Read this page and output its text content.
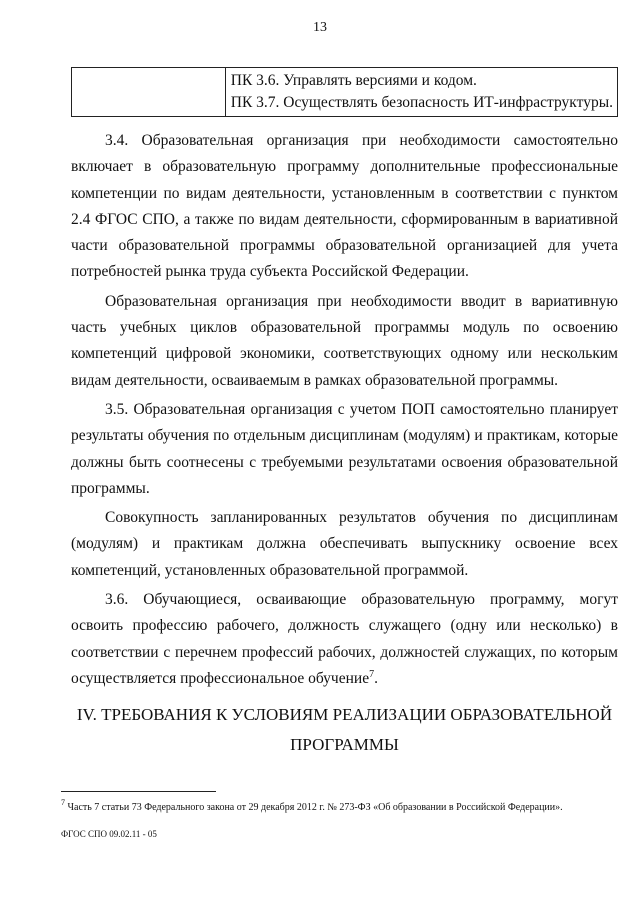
13

ПК 3.6. Управлять версиями и кодом.
ПК 3.7. Осуществлять безопасность ИТ-инфраструктуры.

3.4. Образовательная организация при необходимости самостоятельно включает в образовательную программу дополнительные профессиональные компетенции по видам деятельности, установленным в соответствии с пунктом 2.4 ФГОС СПО, а также по видам деятельности, сформированным в вариативной части образовательной программы образовательной организацией для учета потребностей рынка труда субъекта Российской Федерации.

Образовательная организация при необходимости вводит в вариативную часть учебных циклов образовательной программы модуль по освоению компетенций цифровой экономики, соответствующих одному или нескольким видам деятельности, осваиваемым в рамках образовательной программы.

3.5. Образовательная организация с учетом ПОП самостоятельно планирует результаты обучения по отдельным дисциплинам (модулям) и практикам, которые должны быть соотнесены с требуемыми результатами освоения образовательной программы.

Совокупность запланированных результатов обучения по дисциплинам (модулям) и практикам должна обеспечивать выпускнику освоение всех компетенций, установленных образовательной программой.

3.6. Обучающиеся, осваивающие образовательную программу, могут освоить профессию рабочего, должность служащего (одну или несколько) в соответствии с перечнем профессий рабочих, должностей служащих, по которым осуществляется профессиональное обучение$^7$.

IV. ТРЕБОВАНИЯ К УСЛОВИЯМ РЕАЛИЗАЦИИ ОБРАЗОВАТЕЛЬНОЙ
ПРОГРАММЫ
$^7$ Часть 7 статьи 73 Федерального закона от 29 декабря 2012 г. № 273-ФЗ «Об образовании в Российской Федерации».
ФГОС СПО 09.02.11 - 05
